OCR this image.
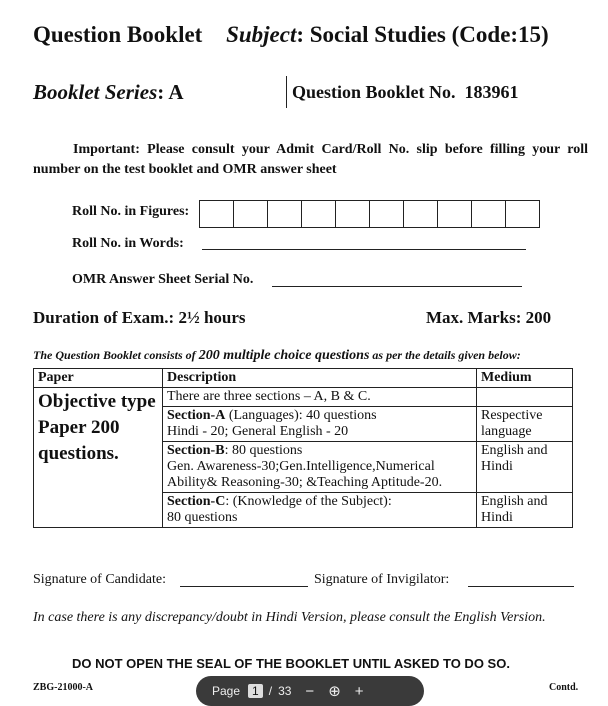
Question Booklet Subject: Social Studies (Code:15)
Booklet Series: A	Question Booklet No. 183961
Important: Please consult your Admit Card/Roll No. slip before filling your roll number on the test booklet and OMR answer sheet
Roll No. in Figures:
Roll No. in Words:
OMR Answer Sheet Serial No.
Duration of Exam.: 2½ hours	Max. Marks: 200
The Question Booklet consists of 200 multiple choice questions as per the details given below:
Paper	Description	Medium
Objective type Paper 200 questions.	There are three sections – A, B & C.	
	Section-A (Languages): 40 questions
Hindi - 20; General English - 20	Respective language
	Section-B: 80 questions
Gen. Awareness-30;Gen.Intelligence,Numerical Ability& Reasoning-30; &Teaching Aptitude-20.	English and Hindi
	Section-C: (Knowledge of the Subject):
80 questions	English and Hindi
Signature of Candidate:	Signature of Invigilator:
In case there is any discrepancy/doubt in Hindi Version, please consult the English Version.
DO NOT OPEN THE SEAL OF THE BOOKLET UNTIL ASKED TO DO SO.
ZBG-21000-A	Contd.
Page	1 / 33 − ⊕ +
